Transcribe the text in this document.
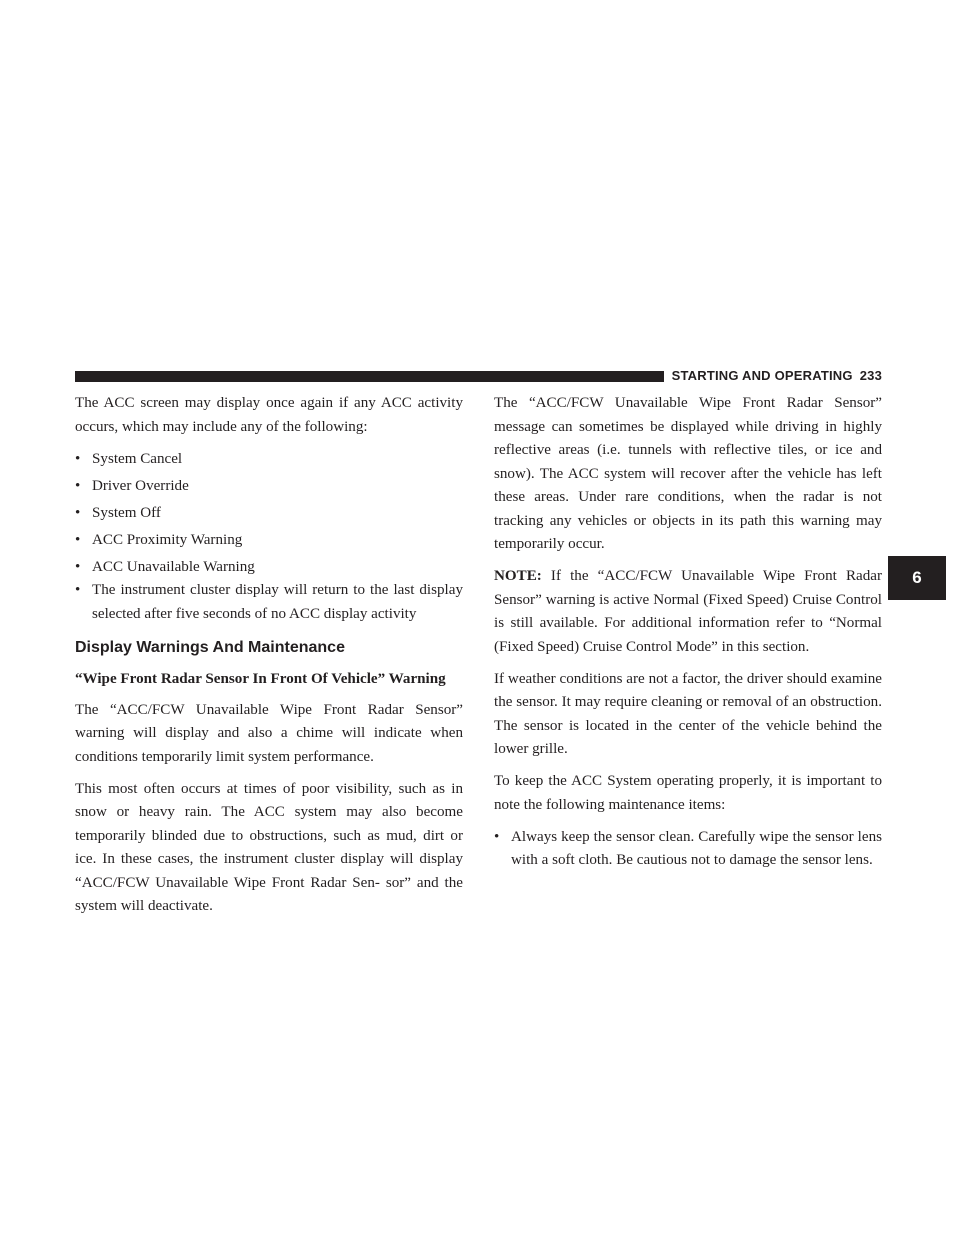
STARTING AND OPERATING 233
6

The ACC screen may display once again if any ACC activity occurs, which may include any of the following:

• System Cancel
• Driver Override
• System Off
• ACC Proximity Warning
• ACC Unavailable Warning
• The instrument cluster display will return to the last display selected after five seconds of no ACC display activity
Display Warnings And Maintenance
“Wipe Front Radar Sensor In Front Of Vehicle” Warning

The “ACC/FCW Unavailable Wipe Front Radar Sensor” warning will display and also a chime will indicate when conditions temporarily limit system performance.

This most often occurs at times of poor visibility, such as in snow or heavy rain. The ACC system may also become temporarily blinded due to obstructions, such as mud, dirt or ice. In these cases, the instrument cluster display will display “ACC/FCW Unavailable Wipe Front Radar Sen- sor” and the system will deactivate.

The “ACC/FCW Unavailable Wipe Front Radar Sensor” message can sometimes be displayed while driving in highly reflective areas (i.e. tunnels with reflective tiles, or ice and snow). The ACC system will recover after the vehicle has left these areas. Under rare conditions, when the radar is not tracking any vehicles or objects in its path this warning may temporarily occur.

NOTE: If the “ACC/FCW Unavailable Wipe Front Radar Sensor” warning is active Normal (Fixed Speed) Cruise Control is still available. For additional information refer to “Normal (Fixed Speed) Cruise Control Mode” in this section.

If weather conditions are not a factor, the driver should examine the sensor. It may require cleaning or removal of an obstruction. The sensor is located in the center of the vehicle behind the lower grille.

To keep the ACC System operating properly, it is important to note the following maintenance items:

• Always keep the sensor clean. Carefully wipe the sensor lens with a soft cloth. Be cautious not to damage the sensor lens.
